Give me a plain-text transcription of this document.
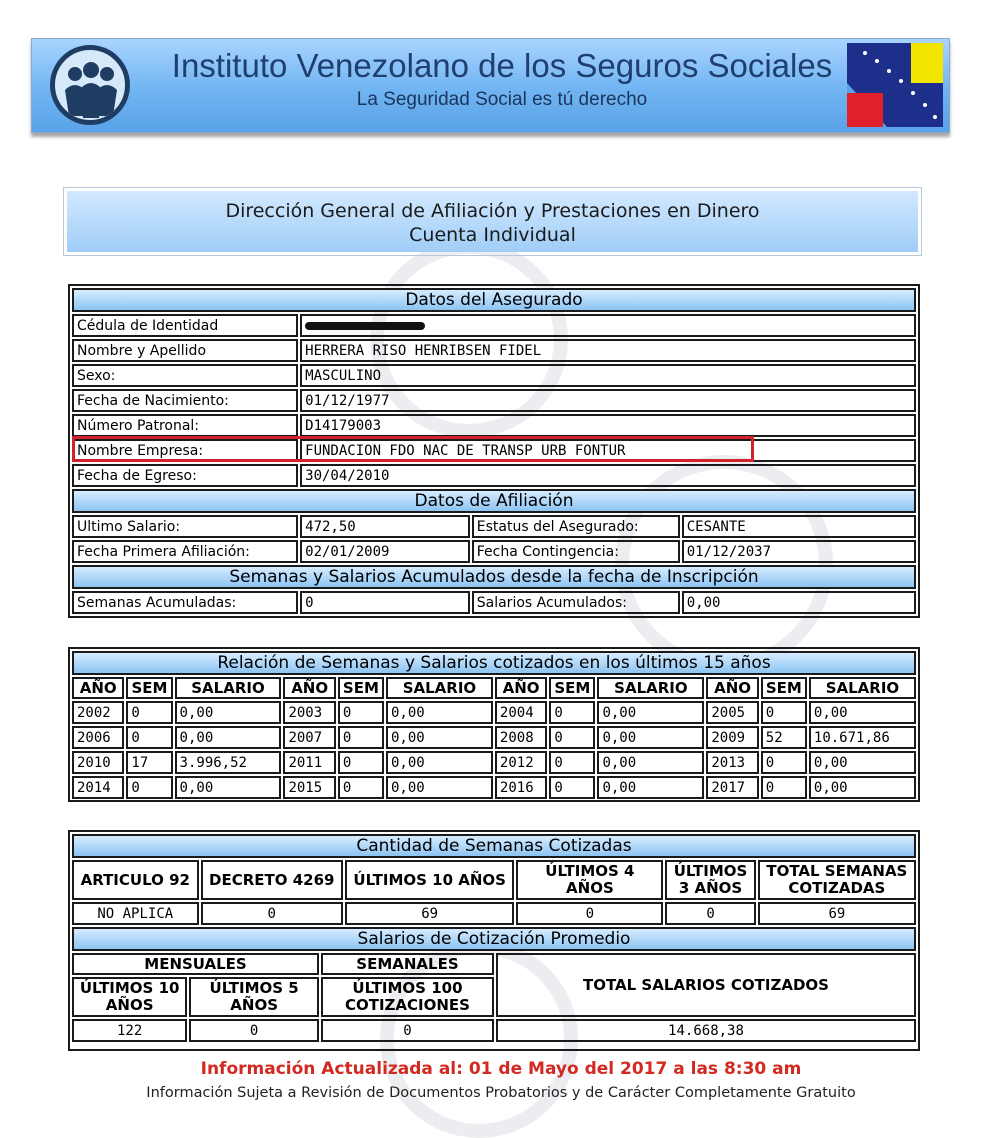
Instituto Venezolano de los Seguros Sociales
La Seguridad Social es tú derecho
Dirección General de Afiliación y Prestaciones en Dinero
Cuenta Individual
Datos del Asegurado			
Cédula de Identidad			
Nombre y Apellido	HERRERA RISO HENRIBSEN FIDEL		
Sexo:	MASCULINO		
Fecha de Nacimiento:	01/12/1977		
Número Patronal:	D14179003		
Nombre Empresa:	FUNDACION FDO NAC DE TRANSP URB FONTUR		
Fecha de Egreso:	30/04/2010		
Datos de Afiliación			
Ultimo Salario:	472,50	Estatus del Asegurado:	CESANTE
Fecha Primera Afiliación:	02/01/2009	Fecha Contingencia:	01/12/2037
Semanas y Salarios Acumulados desde la fecha de Inscripción			
Semanas Acumuladas:	0	Salarios Acumulados:	0,00
Relación de Semanas y Salarios cotizados en los últimos 15 años											
AÑO	SEM	SALARIO	AÑO	SEM	SALARIO	AÑO	SEM	SALARIO	AÑO	SEM	SALARIO
2002	0	0,00	2003	0	0,00	2004	0	0,00	2005	0	0,00
2006	0	0,00	2007	0	0,00	2008	0	0,00	2009	52	10.671,86
2010	17	3.996,52	2011	0	0,00	2012	0	0,00	2013	0	0,00
2014	0	0,00	2015	0	0,00	2016	0	0,00	2017	0	0,00
Cantidad de Semanas Cotizadas					
ARTICULO 92	DECRETO 4269	ÚLTIMOS 10 AÑOS	ÚLTIMOS 4 AÑOS	ÚLTIMOS 3 AÑOS	TOTAL SEMANAS COTIZADAS
NO APLICA	0	69	0	0	69
Salarios de Cotización Promedio			
MENSUALES		SEMANALES	TOTAL SALARIOS COTIZADOS
ÚLTIMOS 10 AÑOS	ÚLTIMOS 5 AÑOS	ÚLTIMOS 100 COTIZACIONES	
122	0	0	14.668,38
Información Actualizada al: 01 de Mayo del 2017 a las 8:30 am
Información Sujeta a Revisión de Documentos Probatorios y de Carácter Completamente Gratuito
